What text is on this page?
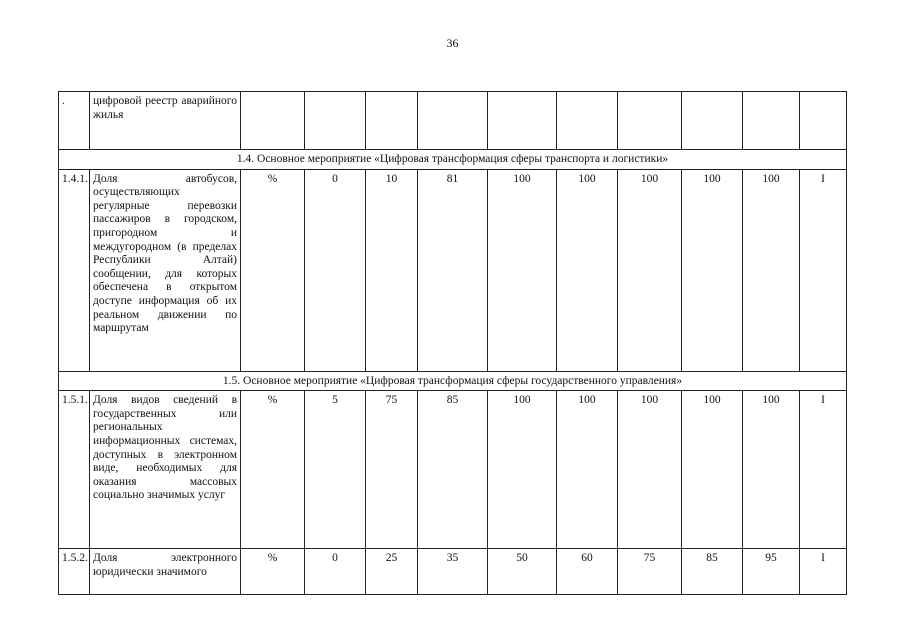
36
.	цифровой реестр аварийного жилья										
1.4. Основное мероприятие «Цифровая трансформация сферы транспорта и логистики»											
1.4.1.	Доля автобусов, осуществляющих регулярные перевозки пассажиров в городском, пригородном и междугородном (в пределах Республики Алтай) сообщении, для которых обеспечена в открытом доступе информация об их реальном движении по маршрутам	%	0	10	81	100	100	100	100	100	I
1.5. Основное мероприятие «Цифровая трансформация сферы государственного управления»											
1.5.1.	Доля видов сведений в государственных или региональных информационных системах, доступных в электронном виде, необходимых для оказания массовых социально значимых услуг	%	5	75	85	100	100	100	100	100	I
1.5.2.	Доля электронного юридически значимого	%	0	25	35	50	60	75	85	95	I
